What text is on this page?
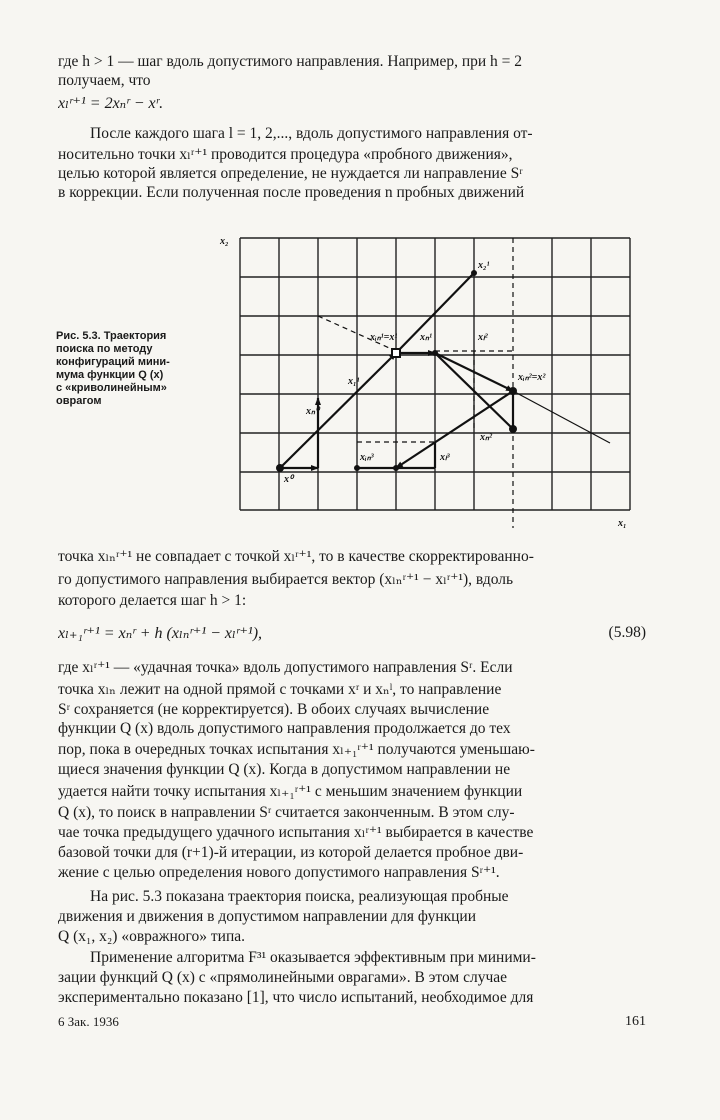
где h > 1 — шаг вдоль допустимого направления. Например, при h = 2
получаем, что
xₗʳ⁺¹ = 2xₙʳ − xʳ.
После каждого шага l = 1, 2,..., вдоль допустимого направления от-
носительно точки xₗʳ⁺¹ проводится процедура «пробного движения»,
целью которой является определение, не нуждается ли направление Sʳ
в коррекции. Если полученная после проведения n пробных движений
Рис. 5.3. Траектория
поиска по методу
конфигураций мини-
мума функции Q (x)
с «криволинейным»
оврагом
x₂
x₁
x⁰
xₙ⁰
x₁¹
xᵢₙ¹=x¹ xₙ¹
x₂¹
xₗ²
xᵢₙ²=x²
xₙ²
xᵢₙ³	xₗ³
точка xₗₙʳ⁺¹ не совпадает с точкой xₗʳ⁺¹, то в качестве скорректированно-
го допустимого направления выбирается вектор (xₗₙʳ⁺¹ − xₗʳ⁺¹), вдоль
которого делается шаг h > 1:
xₗ₊₁ʳ⁺¹ = xₙʳ + h (xₗₙʳ⁺¹ − xₗʳ⁺¹),	(5.98)
где xₗʳ⁺¹ — «удачная точка» вдоль допустимого направления Sʳ. Если
точка xₗₙ лежит на одной прямой с точками xʳ и xₙˡ, то направление
Sʳ сохраняется (не корректируется). В обоих случаях вычисление
функции Q (x) вдоль допустимого направления продолжается до тех
пор, пока в очередных точках испытания xₗ₊₁ʳ⁺¹ получаются уменьшаю-
щиеся значения функции Q (x). Когда в допустимом направлении не
удается найти точку испытания xₗ₊₁ʳ⁺¹ с меньшим значением функции
Q (x), то поиск в направлении Sʳ считается законченным. В этом слу-
чае точка предыдущего удачного испытания xₗʳ⁺¹ выбирается в качестве
базовой точки для (r+1)-й итерации, из которой делается пробное дви-
жение с целью определения нового допустимого направления Sʳ⁺¹.
На рис. 5.3 показана траектория поиска, реализующая пробные
движения и движения в допустимом направлении для функции
Q (x₁, x₂) «овражного» типа.
Применение алгоритма F³¹ оказывается эффективным при миними-
зации функций Q (x) с «прямолинейными оврагами». В этом случае
экспериментально показано [1], что число испытаний, необходимое для
6 Зак. 1936	161
